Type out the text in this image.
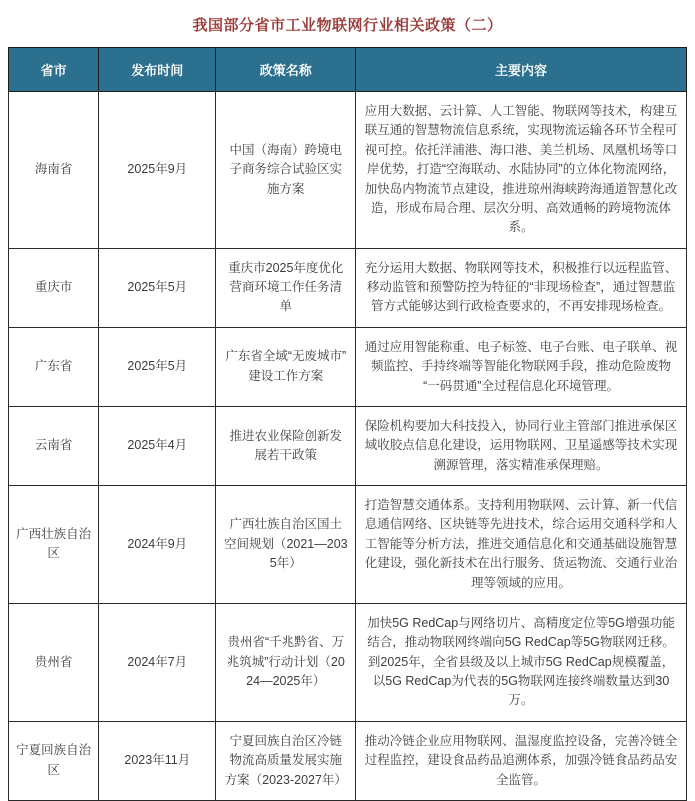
我国部分省市工业物联网行业相关政策（二）
省市	发布时间	政策名称	主要内容
海南省	2025年9月	中国（海南）跨境电子商务综合试验区实施方案	应用大数据、云计算、人工智能、物联网等技术，构建互联互通的智慧物流信息系统，实现物流运输各环节全程可视可控。依托洋浦港、海口港、美兰机场、凤凰机场等口岸优势，打造“空海联动、水陆协同”的立体化物流网络，加快岛内物流节点建设，推进琼州海峡跨海通道智慧化改造，形成布局合理、层次分明、高效通畅的跨境物流体系。
重庆市	2025年5月	重庆市2025年度优化营商环境工作任务清单	充分运用大数据、物联网等技术，积极推行以远程监管、移动监管和预警防控为特征的“非现场检查”，通过智慧监管方式能够达到行政检查要求的，不再安排现场检查。
广东省	2025年5月	广东省全域“无废城市”建设工作方案	通过应用智能称重、电子标签、电子台账、电子联单、视频监控、手持终端等智能化物联网手段，推动危险废物“一码贯通”全过程信息化环境管理。
云南省	2025年4月	推进农业保险创新发展若干政策	保险机构要加大科技投入，协同行业主管部门推进承保区域收胶点信息化建设，运用物联网、卫星遥感等技术实现溯源管理，落实精准承保理赔。
广西壮族自治区	2024年9月	广西壮族自治区国土空间规划（2021—2035年）	打造智慧交通体系。支持利用物联网、云计算、新一代信息通信网络、区块链等先进技术，综合运用交通科学和人工智能等分析方法，推进交通信息化和交通基础设施智慧化建设，强化新技术在出行服务、货运物流、交通行业治理等领域的应用。
贵州省	2024年7月	贵州省“千兆黔省、万兆筑城”行动计划（2024—2025年）	加快5G RedCap与网络切片、高精度定位等5G增强功能结合，推动物联网终端向5G RedCap等5G物联网迁移。到2025年，全省县级及以上城市5G RedCap规模覆盖，以5G RedCap为代表的5G物联网连接终端数量达到30万。
宁夏回族自治区	2023年11月	宁夏回族自治区冷链物流高质量发展实施方案（2023-2027年）	推动冷链企业应用物联网、温湿度监控设备，完善冷链全过程监控，建设食品药品追溯体系，加强冷链食品药品安全监管。
